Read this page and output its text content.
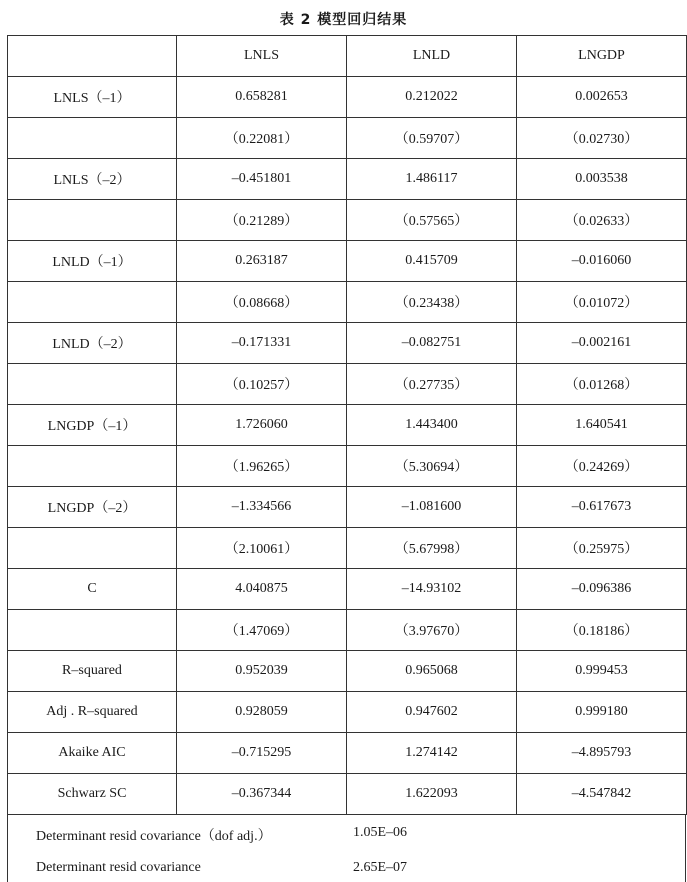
表 2 模型回归结果
	LNLS	LNLD	LNGDP
LNLS（–1）	0.658281	0.212022	0.002653
	（0.22081）	（0.59707）	（0.02730）
LNLS（–2）	–0.451801	1.486117	0.003538
	（0.21289）	（0.57565）	（0.02633）
LNLD（–1）	0.263187	0.415709	–0.016060
	（0.08668）	（0.23438）	（0.01072）
LNLD（–2）	–0.171331	–0.082751	–0.002161
	（0.10257）	（0.27735）	（0.01268）
LNGDP（–1）	1.726060	1.443400	1.640541
	（1.96265）	（5.30694）	（0.24269）
LNGDP（–2）	–1.334566	–1.081600	–0.617673
	（2.10061）	（5.67998）	（0.25975）
C	4.040875	–14.93102	–0.096386
	（1.47069）	（3.97670）	（0.18186）
R–squared	0.952039	0.965068	0.999453
Adj . R–squared	0.928059	0.947602	0.999180
Akaike AIC	–0.715295	1.274142	–4.895793
Schwarz SC	–0.367344	1.622093	–4.547842
Determinant resid covariance（dof adj.）	1.05E–06
Determinant resid covariance	2.65E–07
